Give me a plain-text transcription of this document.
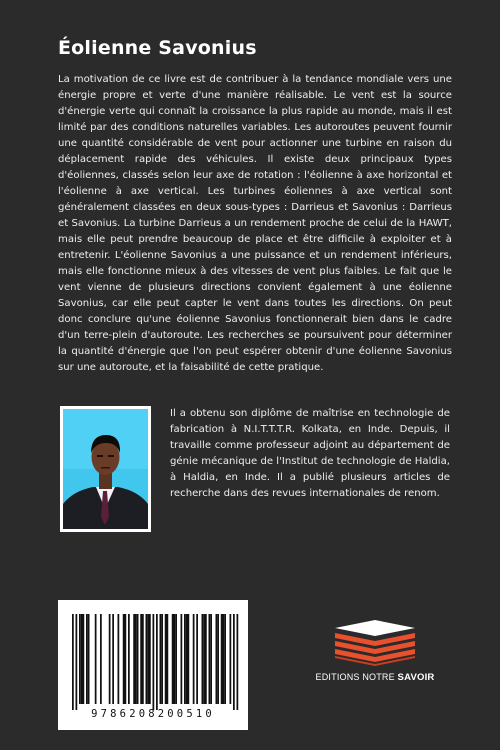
Éolienne Savonius

La motivation de ce livre est de contribuer à la tendance mondiale vers une énergie propre et verte d'une manière réalisable. Le vent est la source d'énergie verte qui connaît la croissance la plus rapide au monde, mais il est limité par des conditions naturelles variables. Les autoroutes peuvent fournir une quantité considérable de vent pour actionner une turbine en raison du déplacement rapide des véhicules. Il existe deux principaux types d'éoliennes, classés selon leur axe de rotation : l'éolienne à axe horizontal et l'éolienne à axe vertical. Les turbines éoliennes à axe vertical sont généralement classées en deux sous-types : Darrieus et Savonius : Darrieus et Savonius. La turbine Darrieus a un rendement proche de celui de la HAWT, mais elle peut prendre beaucoup de place et être difficile à exploiter et à entretenir. L'éolienne Savonius a une puissance et un rendement inférieurs, mais elle fonctionne mieux à des vitesses de vent plus faibles. Le fait que le vent vienne de plusieurs directions convient également à une éolienne Savonius, car elle peut capter le vent dans toutes les directions. On peut donc conclure qu'une éolienne Savonius fonctionnerait bien dans le cadre d'un terre-plein d'autoroute. Les recherches se poursuivent pour déterminer la quantité d'énergie que l'on peut espérer obtenir d'une éolienne Savonius sur une autoroute, et la faisabilité de cette pratique.

Il a obtenu son diplôme de maîtrise en technologie de fabrication à N.I.T.T.T.R. Kolkata, en Inde. Depuis, il travaille comme professeur adjoint au département de génie mécanique de l'Institut de technologie de Haldia, à Haldia, en Inde. Il a publié plusieurs articles de recherche dans des revues internationales de renom.

9786208200510
EDITIONS NOTRE SAVOIR
